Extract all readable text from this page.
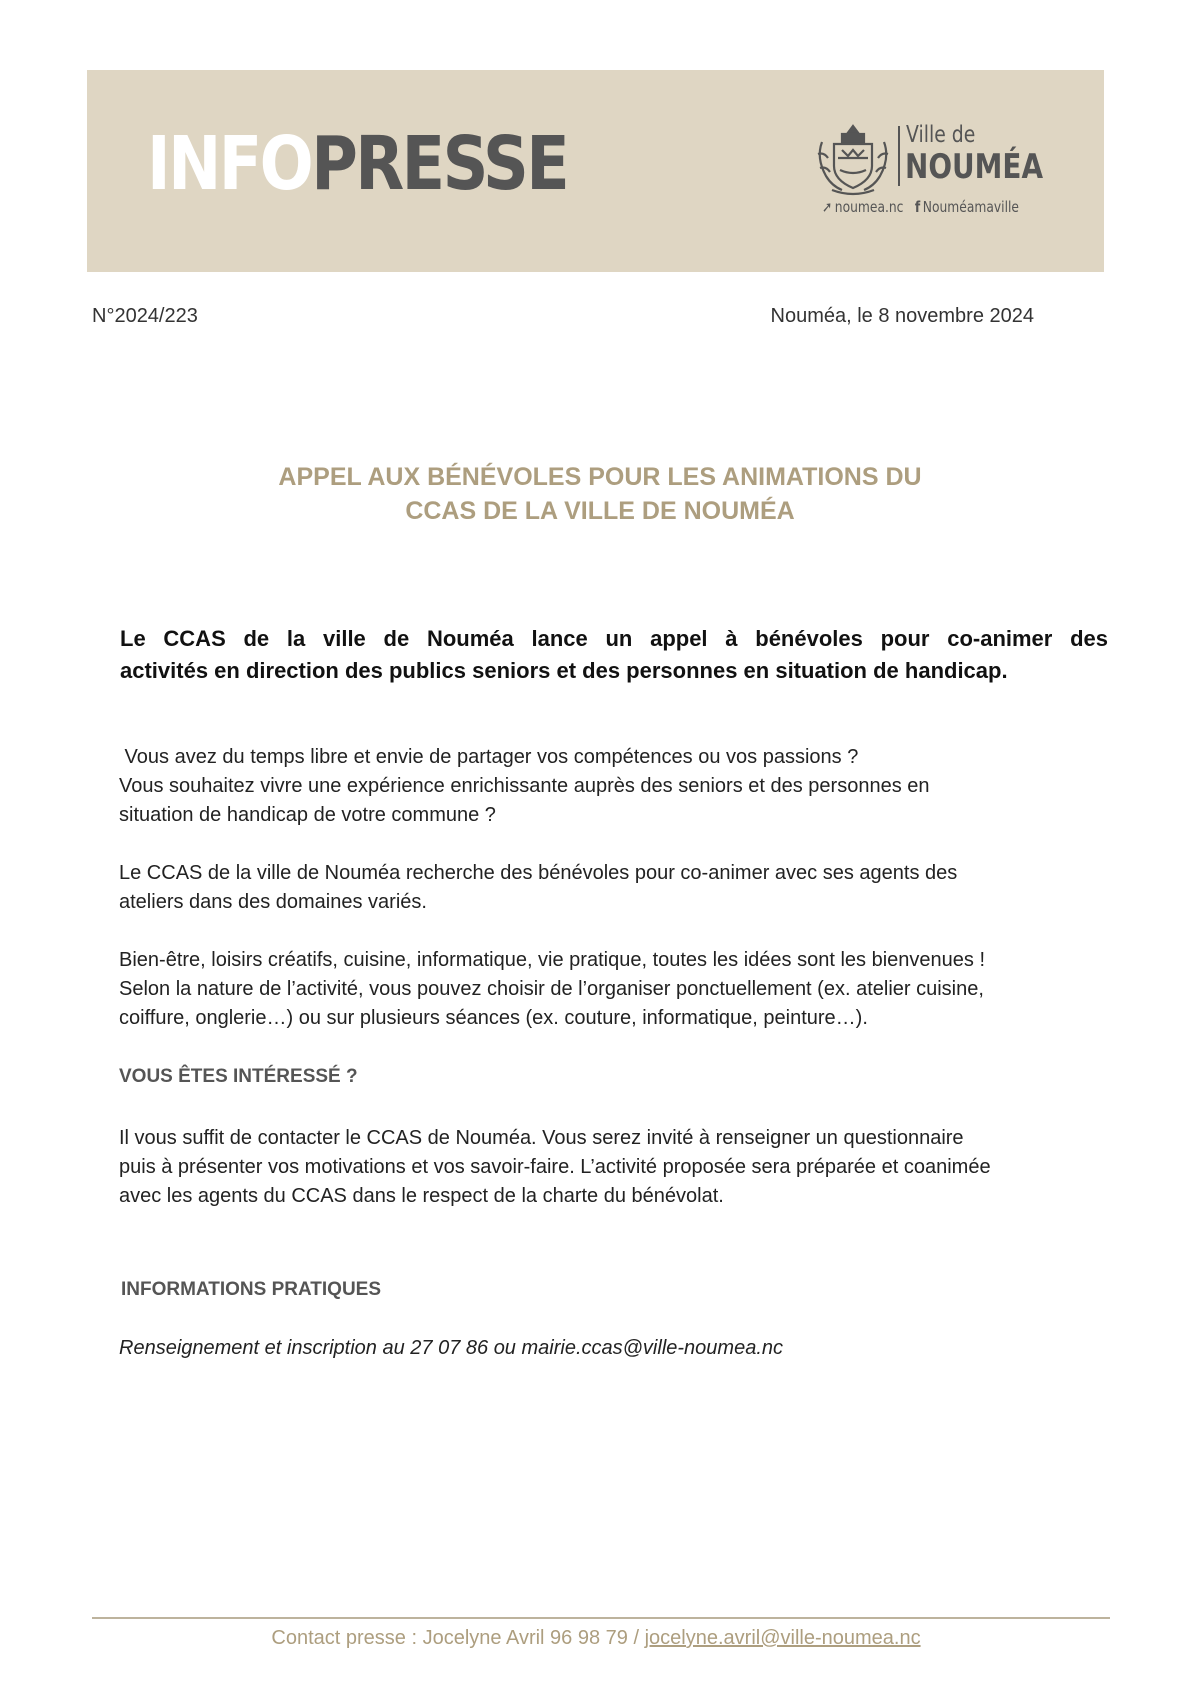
INFOPRESSE	Ville de
NOUMÉA
➚ noumea.nc f Nouméamaville
N°2024/223	Nouméa, le 8 novembre 2024
APPEL AUX BÉNÉVOLES POUR LES ANIMATIONS DU
CCAS DE LA VILLE DE NOUMÉA
Le CCAS de la ville de Nouméa lance un appel à bénévoles pour co-animer des
activités en direction des publics seniors et des personnes en situation de handicap.
Vous avez du temps libre et envie de partager vos compétences ou vos passions ?
Vous souhaitez vivre une expérience enrichissante auprès des seniors et des personnes en
situation de handicap de votre commune ?
Le CCAS de la ville de Nouméa recherche des bénévoles pour co-animer avec ses agents des
ateliers dans des domaines variés.
Bien-être, loisirs créatifs, cuisine, informatique, vie pratique, toutes les idées sont les bienvenues !
Selon la nature de l’activité, vous pouvez choisir de l’organiser ponctuellement (ex. atelier cuisine,
coiffure, onglerie…) ou sur plusieurs séances (ex. couture, informatique, peinture…).
VOUS ÊTES INTÉRESSÉ ?
Il vous suffit de contacter le CCAS de Nouméa. Vous serez invité à renseigner un questionnaire
puis à présenter vos motivations et vos savoir-faire. L’activité proposée sera préparée et coanimée
avec les agents du CCAS dans le respect de la charte du bénévolat.
INFORMATIONS PRATIQUES
Renseignement et inscription au 27 07 86 ou mairie.ccas@ville-noumea.nc
Contact presse : Jocelyne Avril 96 98 79 / jocelyne.avril@ville-noumea.nc
